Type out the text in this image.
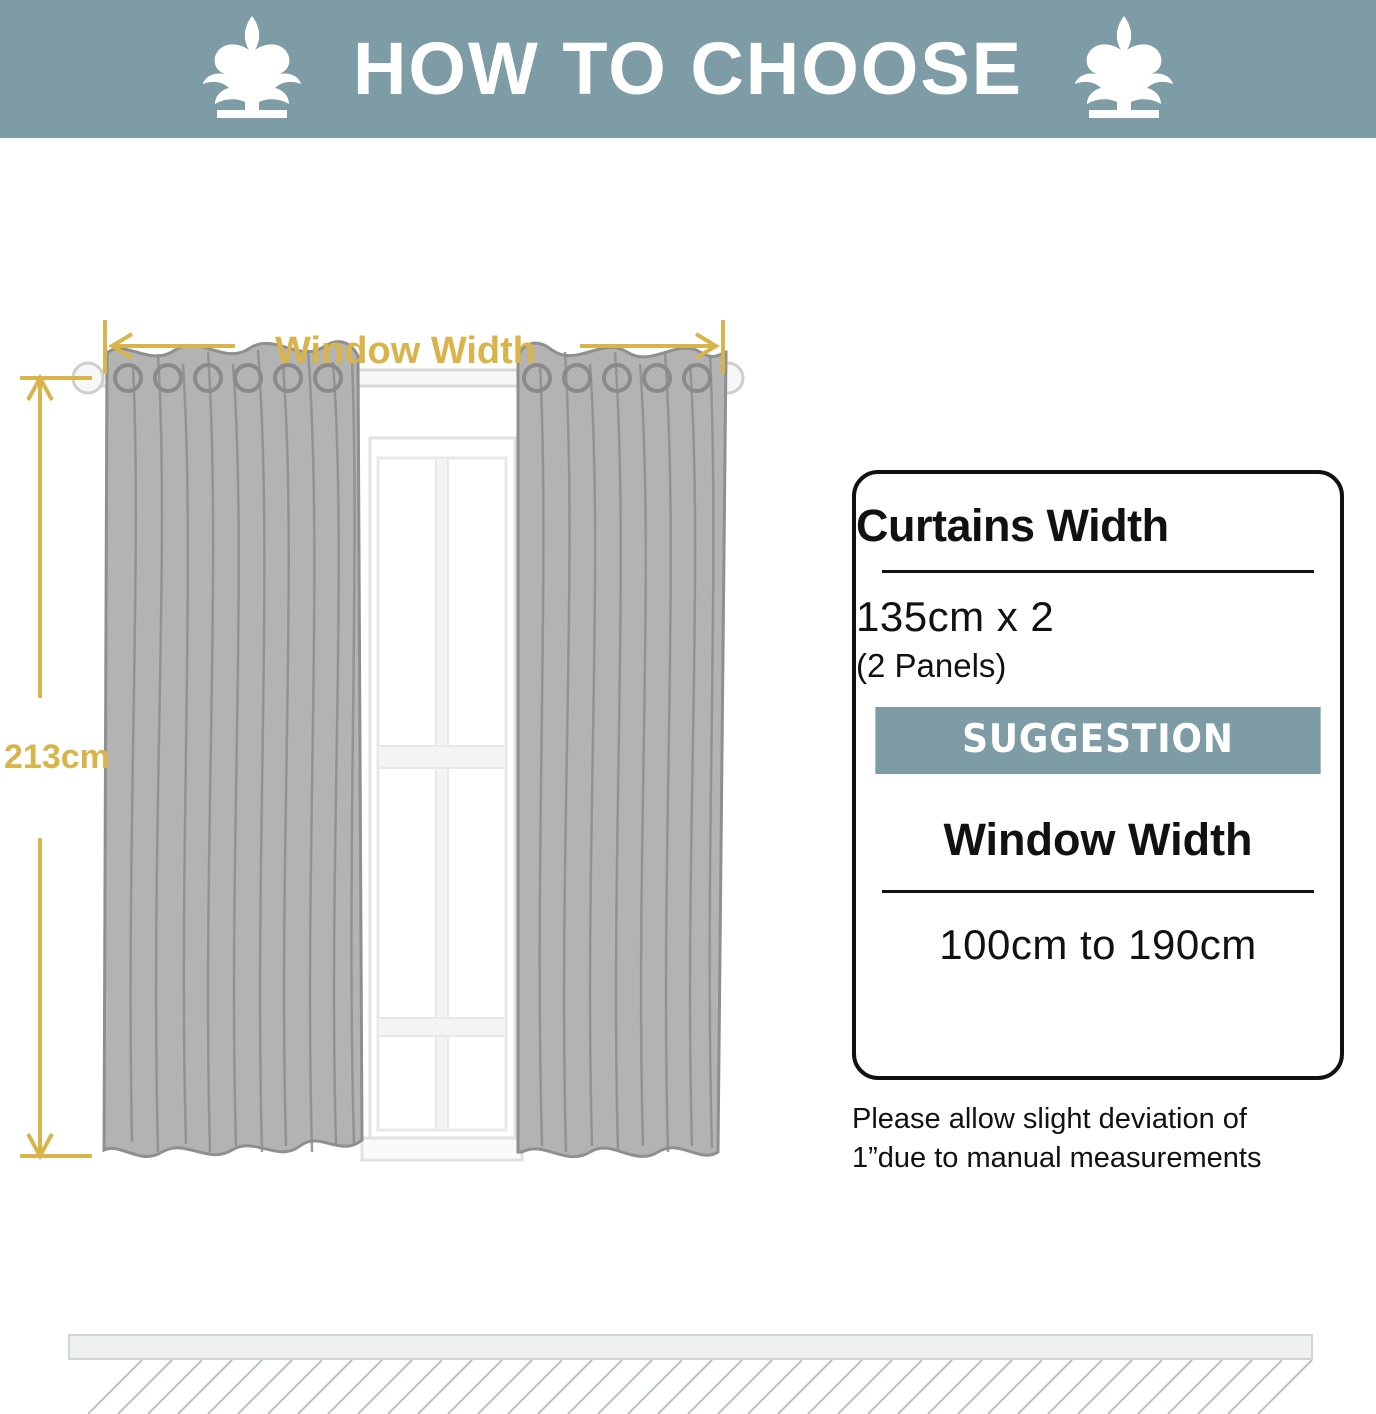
HOW TO CHOOSE
Window Width
213cm
Curtains Width
135cm x 2
(2 Panels)
SUGGESTION
Window Width
100cm to 190cm
Please allow slight deviation of
1”due to manual measurements
